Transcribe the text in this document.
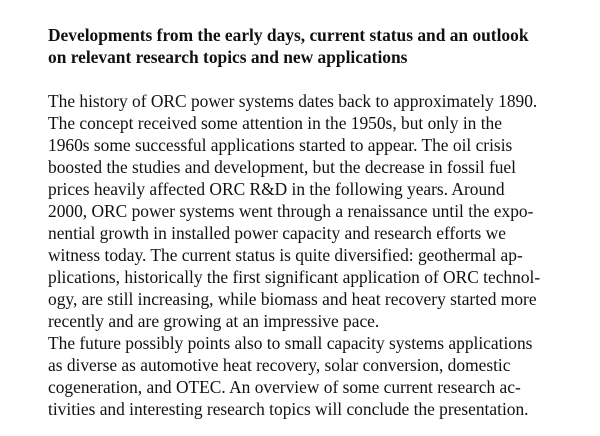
Developments from the early days, current status and an outlook
on relevant research topics and new applications
The history of ORC power systems dates back to approximately 1890.
The concept received some attention in the 1950s, but only in the
1960s some successful applications started to appear. The oil crisis
boosted the studies and development, but the decrease in fossil fuel
prices heavily affected ORC R&D in the following years. Around
2000, ORC power systems went through a renaissance until the expo-
nential growth in installed power capacity and research efforts we
witness today. The current status is quite diversified: geothermal ap-
plications, historically the first significant application of ORC technol-
ogy, are still increasing, while biomass and heat recovery started more
recently and are growing at an impressive pace.
The future possibly points also to small capacity systems applications
as diverse as automotive heat recovery, solar conversion, domestic
cogeneration, and OTEC. An overview of some current research ac-
tivities and interesting research topics will conclude the presentation.
